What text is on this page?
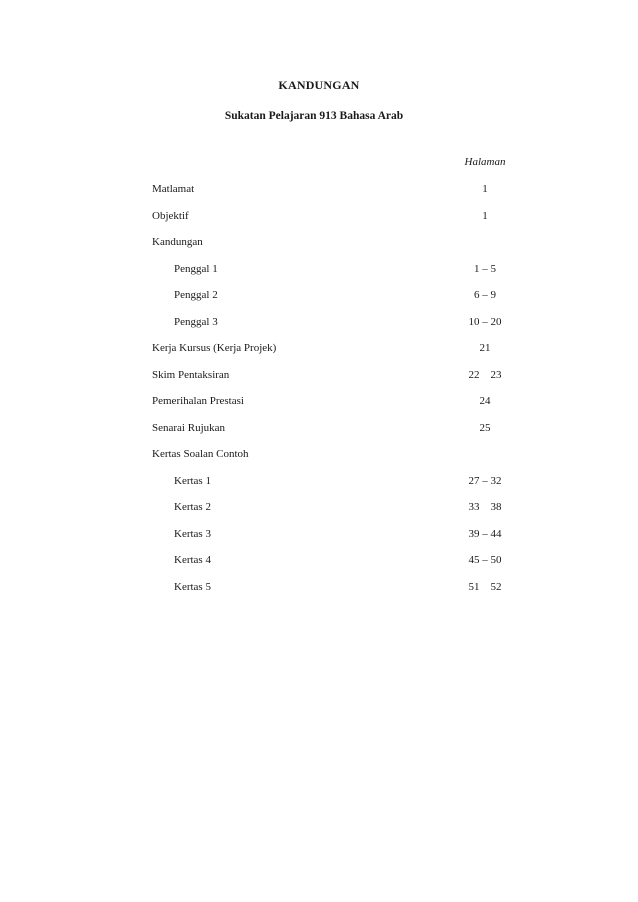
KANDUNGAN
Sukatan Pelajaran 913 Bahasa Arab
Halaman
Matlamat	1
Objektif	1
Kandungan
Penggal 1	1 – 5
Penggal 2	6 – 9
Penggal 3	10 – 20
Kerja Kursus (Kerja Projek)	21
Skim Pentaksiran	22    23
Pemerihalan Prestasi	24
Senarai Rujukan	25
Kertas Soalan Contoh
Kertas 1	27 – 32
Kertas 2	33    38
Kertas 3	39 – 44
Kertas 4	45 – 50
Kertas 5	51    52
